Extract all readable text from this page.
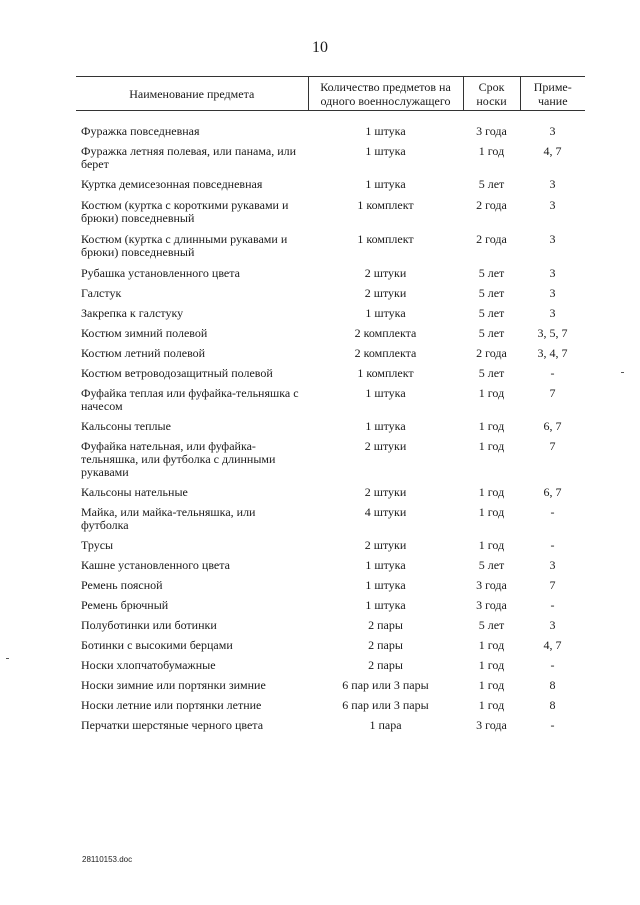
10
Наименование предмета	Количество предметов на одного военнослужащего	Срок носки	Приме-чание

Фуражка повседневная	1 штука	3 года	3
Фуражка летняя полевая, или панама, или берет	1 штука	1 год	4, 7
Куртка демисезонная повседневная	1 штука	5 лет	3
Костюм (куртка с короткими рукавами и брюки) повседневный	1 комплект	2 года	3
Костюм (куртка с длинными рукавами и брюки) повседневный	1 комплект	2 года	3
Рубашка установленного цвета	2 штуки	5 лет	3
Галстук	2 штуки	5 лет	3
Закрепка к галстуку	1 штука	5 лет	3
Костюм зимний полевой	2 комплекта	5 лет	3, 5, 7
Костюм летний полевой	2 комплекта	2 года	3, 4, 7
Костюм ветроводозащитный полевой	1 комплект	5 лет	-
Фуфайка теплая или фуфайка-тельняшка с начесом	1 штука	1 год	7
Кальсоны теплые	1 штука	1 год	6, 7
Фуфайка нательная, или фуфайка-тельняшка, или футболка с длинными рукавами	2 штуки	1 год	7
Кальсоны нательные	2 штуки	1 год	6, 7
Майка, или майка-тельняшка, или футболка	4 штуки	1 год	-
Трусы	2 штуки	1 год	-
Кашне установленного цвета	1 штука	5 лет	3
Ремень поясной	1 штука	3 года	7
Ремень брючный	1 штука	3 года	-
Полуботинки или ботинки	2 пары	5 лет	3
Ботинки с высокими берцами	2 пары	1 год	4, 7
Носки хлопчатобумажные	2 пары	1 год	-
Носки зимние или портянки зимние	6 пар или 3 пары	1 год	8
Носки летние или портянки летние	6 пар или 3 пары	1 год	8
Перчатки шерстяные черного цвета	1 пара	3 года	-
28110153.doc
